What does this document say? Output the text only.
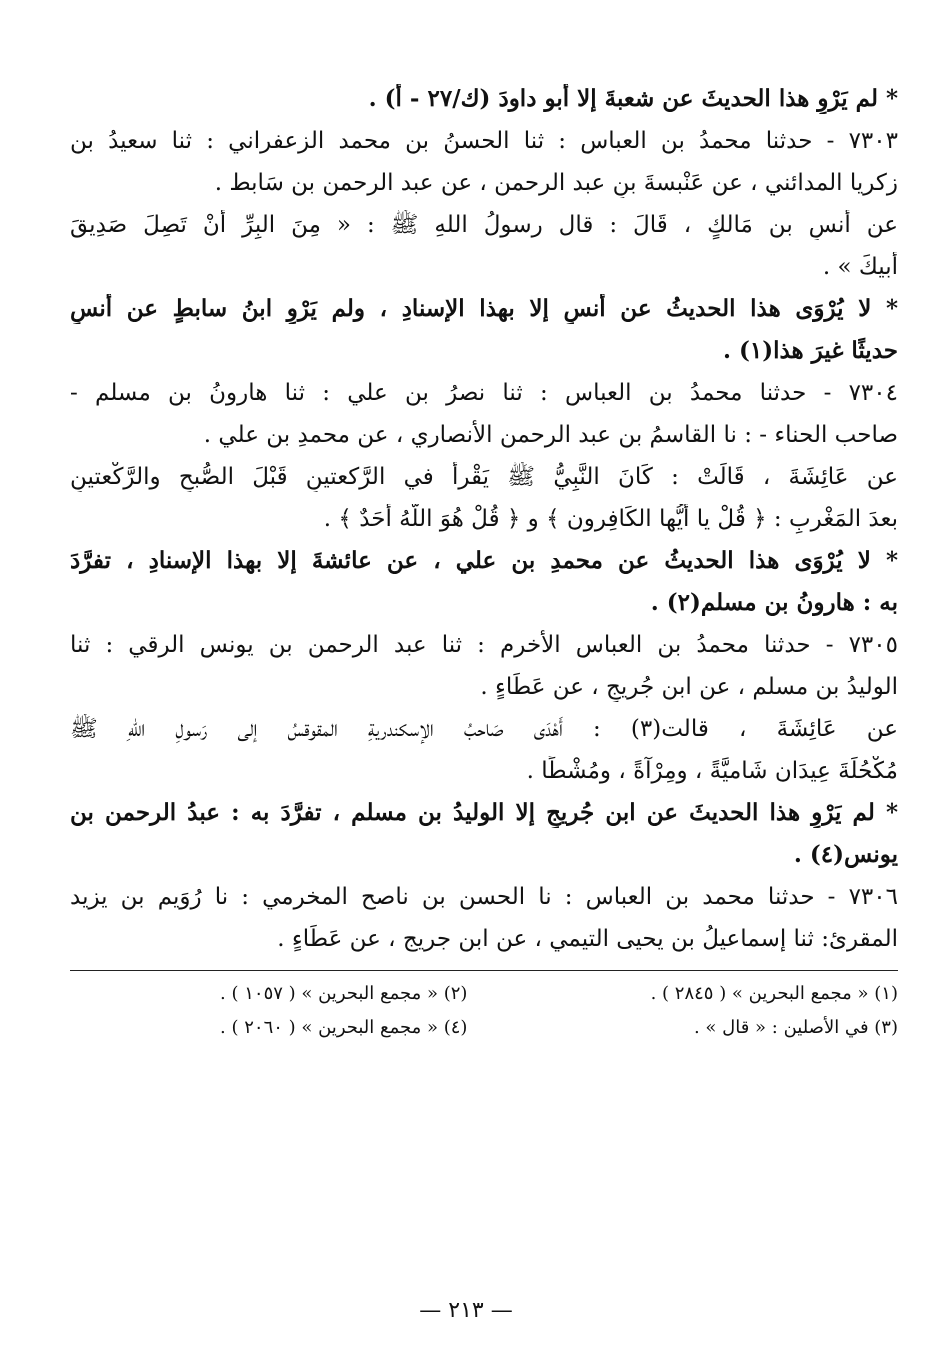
* لم يَرْوِ هذا الحديثَ عن شعبةَ إلا أبو داودَ (ك/٢٧ - أ) .
٧٣٠٣ - حدثنا محمدُ بن العباس : ثنا الحسنُ بن محمد الزعفراني : ثنا سعيدُ بن
زكريا المدائني ، عن عَنْبسةَ بنِ عبد الرحمن ، عن عبد الرحمن بن سَابط .
عن أنسِ بن مَالكٍ ، قَالَ : قال رسولُ اللهِ ﷺ : « مِنَ البِرِّ أَنْ تَصِلَ صَدِيقَ
أبيكَ » .
* لا يُرْوَى هذا الحديثُ عن أنسٍ إلا بهذا الإسنادِ ، ولم يَرْوِ ابنُ سابطٍ عن أنسٍ
حديثًا غيرَ هذا(١) .
٧٣٠٤ - حدثنا محمدُ بن العباس : ثنا نصرُ بن علي : ثنا هارونُ بن مسلم -
صاحب الحناء - : نا القاسمُ بن عبد الرحمن الأنصاري ، عن محمدِ بن علي .
عن عَائِشَةَ ، قَالَتْ : كَانَ النَّبِيُّ ﷺ يَقْرأُ في الرَّكعتينِ قَبْلَ الصُّبحِ والرَّكْعتينِ
بعدَ المَغْربِ : ﴿ قُلْ يا أيُّها الكَافِرون ﴾ و ﴿ قُلْ هُوَ اللَّهُ أَحَدٌ ﴾ .
* لا يُرْوَى هذا الحديثُ عن محمدِ بن علي ، عن عائشةَ إلا بهذا الإسنادِ ، تفرَّدَ
به : هارونُ بن مسلم(٢) .
٧٣٠٥ - حدثنا محمدُ بن العباس الأخرم : ثنا عبد الرحمن بن يونس الرقي : ثنا
الوليدُ بن مسلم ، عن ابن جُريجٍ ، عن عَطَاءٍ .
عن عَائِشَةَ ، قالت(٣) : أَهْدَى صَاحبُ الإسكندريةِ المقوقسُ إلى رَسولِ اللهِ ﷺ
مُكْحُلَةَ عِيدَان شَاميَّةً ، ومِرْآةً ، ومُشْطًا .
* لم يَرْوِ هذا الحديثَ عن ابن جُريجٍ إلا الوليدُ بن مسلم ، تفرَّدَ به : عبدُ الرحمن بن
يونس(٤) .
٧٣٠٦ - حدثنا محمد بن العباس : نا الحسن بن ناصح المخرمي : نا رُوَيم بن يزيد
المقرئ: ثنا إسماعيلُ بن يحيى التيمي ، عن ابن جريج ، عن عَطَاءٍ .
(١) « مجمع البحرين » ( ٢٨٤٥ ) .
(٢) « مجمع البحرين » ( ١٠٥٧ ) .
(٣) في الأصلين : « قال » .
(٤) « مجمع البحرين » ( ٢٠٦٠ ) .
— ٢١٣ —
